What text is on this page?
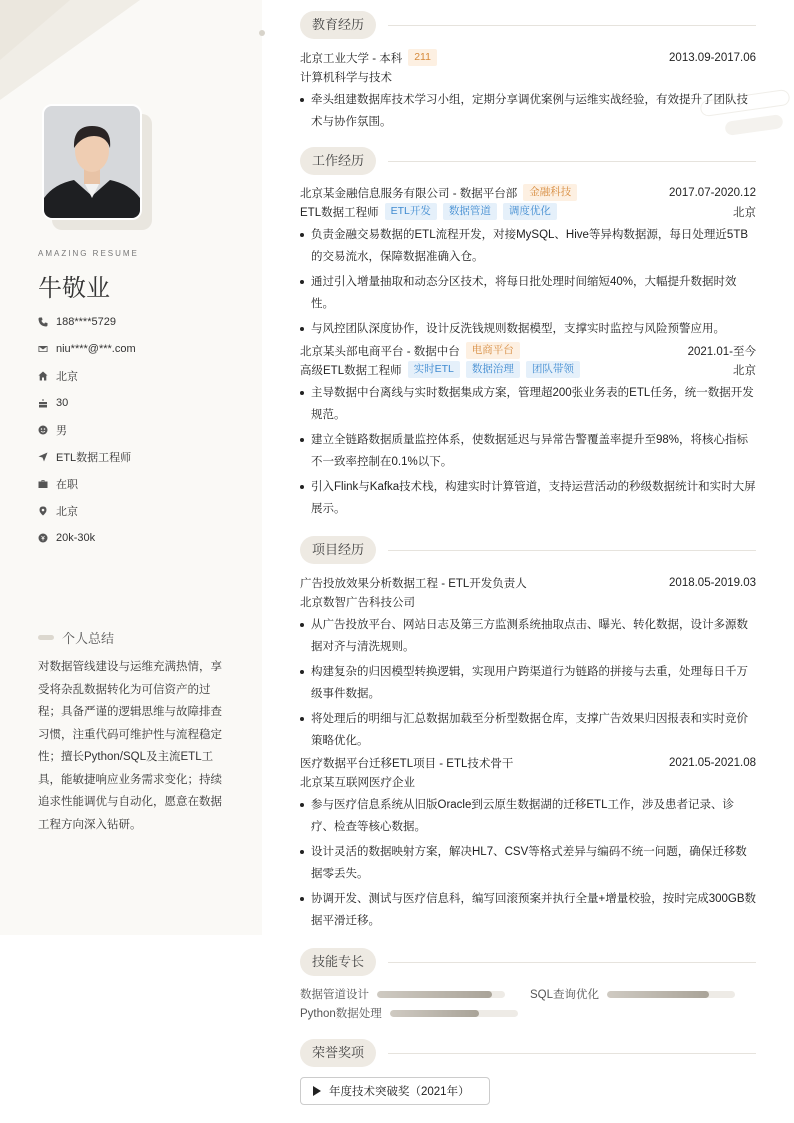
AMAZING RESUME
牛敬业
188****5729
niu****@***.com
北京
30
男
ETL数据工程师
在职
北京
20k-30k
个人总结
对数据管线建设与运维充满热情，享受将杂乱数据转化为可信资产的过程；具备严谨的逻辑思维与故障排查习惯，注重代码可维护性与流程稳定性；擅长Python/SQL及主流ETL工具，能敏捷响应业务需求变化；持续追求性能调优与自动化，愿意在数据工程方向深入钻研。
教育经历
北京工业大学 - 本科	211	2013.09-2017.06
计算机科学与技术
牵头组建数据库技术学习小组，定期分享调优案例与运维实战经验，有效提升了团队技术与协作氛围。
工作经历
北京某金融信息服务有限公司 - 数据平台部	金融科技	2017.07-2020.12
ETL数据工程师	ETL开发	数据管道	调度优化	北京
负责金融交易数据的ETL流程开发，对接MySQL、Hive等异构数据源，每日处理近5TB的交易流水，保障数据准确入仓。
通过引入增量抽取和动态分区技术，将每日批处理时间缩短40%，大幅提升数据时效性。
与风控团队深度协作，设计反洗钱规则数据模型，支撑实时监控与风险预警应用。
北京某头部电商平台 - 数据中台	电商平台	2021.01-至今
高级ETL数据工程师	实时ETL	数据治理	团队带领	北京
主导数据中台离线与实时数据集成方案，管理超200张业务表的ETL任务，统一数据开发规范。
建立全链路数据质量监控体系，使数据延迟与异常告警覆盖率提升至98%，将核心指标不一致率控制在0.1%以下。
引入Flink与Kafka技术栈，构建实时计算管道，支持运营活动的秒级数据统计和实时大屏展示。
项目经历
广告投放效果分析数据工程 - ETL开发负责人	2018.05-2019.03
北京数智广告科技公司
从广告投放平台、网站日志及第三方监测系统抽取点击、曝光、转化数据，设计多源数据对齐与清洗规则。
构建复杂的归因模型转换逻辑，实现用户跨渠道行为链路的拼接与去重，处理每日千万级事件数据。
将处理后的明细与汇总数据加载至分析型数据仓库，支撑广告效果归因报表和实时竞价策略优化。
医疗数据平台迁移ETL项目 - ETL技术骨干	2021.05-2021.08
北京某互联网医疗企业
参与医疗信息系统从旧版Oracle到云原生数据湖的迁移ETL工作，涉及患者记录、诊疗、检查等核心数据。
设计灵活的数据映射方案，解决HL7、CSV等格式差异与编码不统一问题，确保迁移数据零丢失。
协调开发、测试与医疗信息科，编写回滚预案并执行全量+增量校验，按时完成300GB数据平滑迁移。
技能专长
数据管道设计	SQL查询优化
Python数据处理
荣誉奖项
年度技术突破奖（2021年）
